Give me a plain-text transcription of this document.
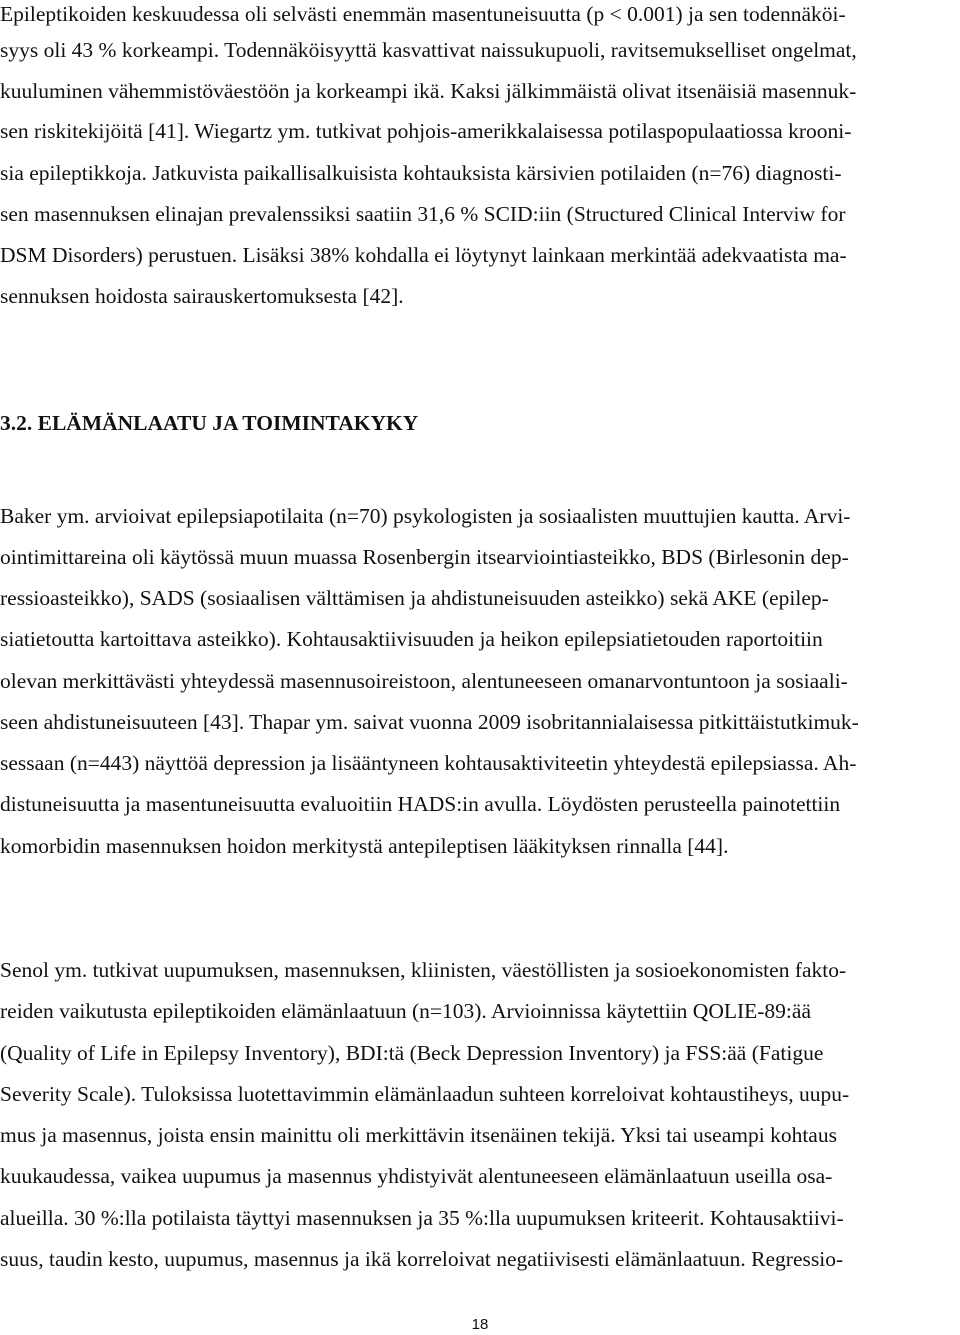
Epileptikoiden keskuudessa oli selvästi enemmän masentuneisuutta (p < 0.001) ja sen todennäköi-

syys oli 43 % korkeampi. Todennäköisyyttä kasvattivat naissukupuoli, ravitsemukselliset ongelmat,

kuuluminen vähemmistöväestöön ja korkeampi ikä. Kaksi jälkimmäistä olivat itsenäisiä masennuk-

sen riskitekijöitä [41]. Wiegartz ym. tutkivat pohjois-amerikkalaisessa potilaspopulaatiossa krooni-

sia epileptikkoja. Jatkuvista paikallisalkuisista kohtauksista kärsivien potilaiden (n=76) diagnosti-

sen masennuksen elinajan prevalenssiksi saatiin 31,6 % SCID:iin (Structured Clinical Interviw for

DSM Disorders) perustuen. Lisäksi 38% kohdalla ei löytynyt lainkaan merkintää adekvaatista ma-

sennuksen hoidosta sairauskertomuksesta [42].

3.2. ELÄMÄNLAATU JA TOIMINTAKYKY

Baker ym. arvioivat epilepsiapotilaita (n=70) psykologisten ja sosiaalisten muuttujien kautta. Arvi-

ointimittareina oli käytössä muun muassa Rosenbergin itsearviointiasteikko, BDS (Birlesonin dep-

ressioasteikko), SADS (sosiaalisen välttämisen ja ahdistuneisuuden asteikko) sekä AKE (epilep-

siatietoutta kartoittava asteikko). Kohtausaktiivisuuden ja heikon epilepsiatietouden raportoitiin

olevan merkittävästi yhteydessä masennusoireistoon, alentuneeseen omanarvontuntoon ja sosiaali-

seen ahdistuneisuuteen [43]. Thapar ym. saivat vuonna 2009 isobritannialaisessa pitkittäistutkimuk-

sessaan (n=443) näyttöä depression ja lisääntyneen kohtausaktiviteetin yhteydestä epilepsiassa. Ah-

distuneisuutta ja masentuneisuutta evaluoitiin HADS:in avulla. Löydösten perusteella painotettiin

komorbidin masennuksen hoidon merkitystä antepileptisen lääkityksen rinnalla [44].

Senol ym. tutkivat uupumuksen, masennuksen, kliinisten, väestöllisten ja sosioekonomisten fakto-

reiden vaikutusta epileptikoiden elämänlaatuun (n=103). Arvioinnissa käytettiin QOLIE-89:ää

(Quality of Life in Epilepsy Inventory), BDI:tä (Beck Depression Inventory) ja FSS:ää (Fatigue

Severity Scale). Tuloksissa luotettavimmin elämänlaadun suhteen korreloivat kohtaustiheys, uupu-

mus ja masennus, joista ensin mainittu oli merkittävin itsenäinen tekijä. Yksi tai useampi kohtaus

kuukaudessa, vaikea uupumus ja masennus yhdistyivät alentuneeseen elämänlaatuun useilla osa-

alueilla. 30 %:lla potilaista täyttyi masennuksen ja 35 %:lla uupumuksen kriteerit. Kohtausaktiivi-

suus, taudin kesto, uupumus, masennus ja ikä korreloivat negatiivisesti elämänlaatuun. Regressio-

18
